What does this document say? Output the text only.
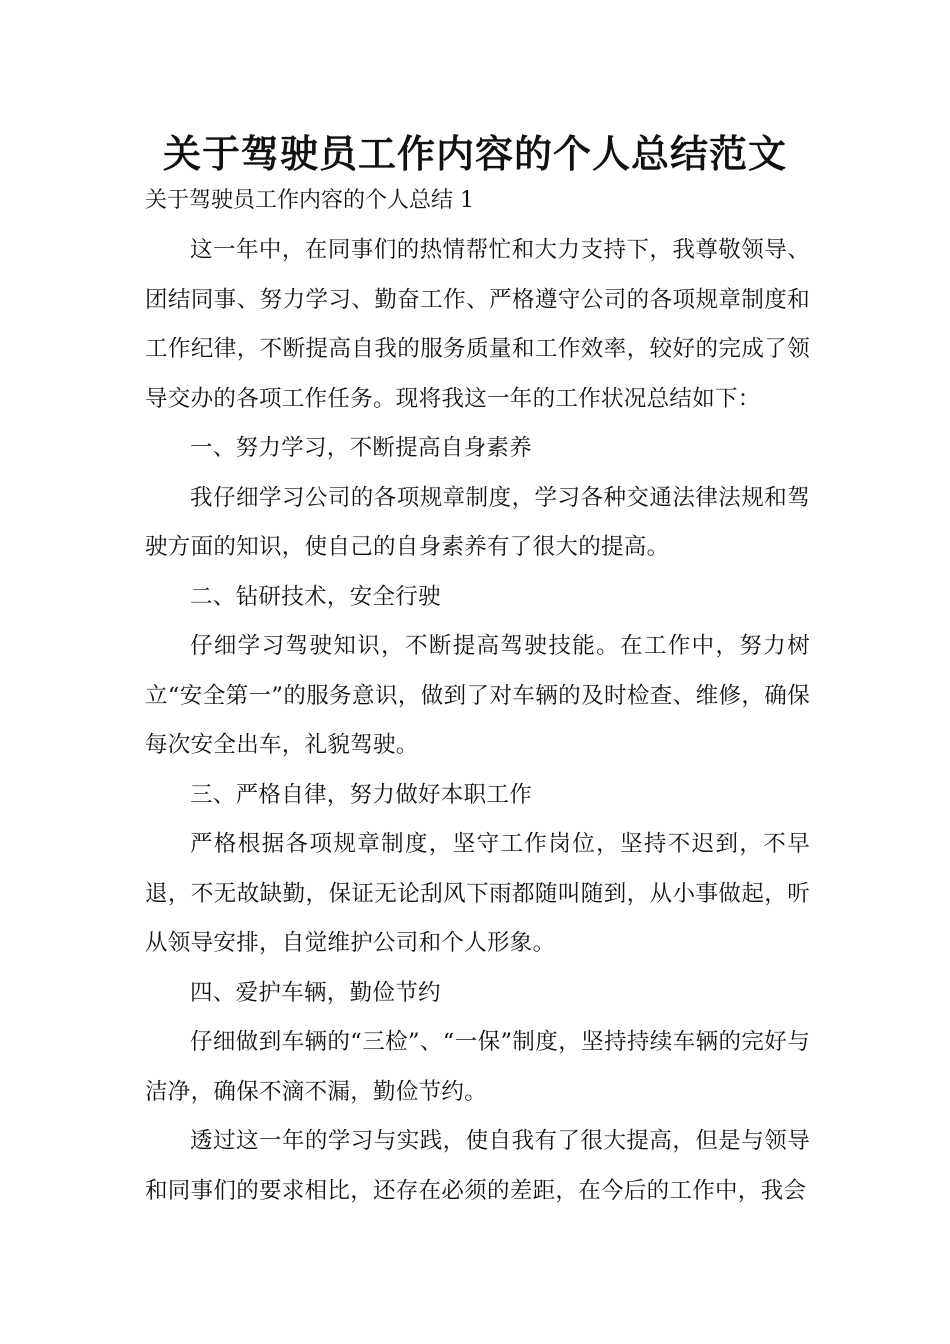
关于驾驶员工作内容的个人总结范文
关于驾驶员工作内容的个人总结 1

这一年中，在同事们的热情帮忙和大力支持下，我尊敬领导、团结同事、努力学习、勤奋工作、严格遵守公司的各项规章制度和工作纪律，不断提高自我的服务质量和工作效率，较好的完成了领导交办的各项工作任务。现将我这一年的工作状况总结如下：

一、努力学习，不断提高自身素养

我仔细学习公司的各项规章制度，学习各种交通法律法规和驾驶方面的知识，使自己的自身素养有了很大的提高。

二、钻研技术，安全行驶

仔细学习驾驶知识，不断提高驾驶技能。在工作中，努力树立“安全第一”的服务意识，做到了对车辆的及时检查、维修，确保每次安全出车，礼貌驾驶。

三、严格自律，努力做好本职工作

严格根据各项规章制度，坚守工作岗位，坚持不迟到，不早退，不无故缺勤，保证无论刮风下雨都随叫随到，从小事做起，听从领导安排，自觉维护公司和个人形象。

四、爱护车辆，勤俭节约

仔细做到车辆的“三检”、“一保”制度，坚持持续车辆的完好与洁净，确保不滴不漏，勤俭节约。

透过这一年的学习与实践，使自我有了很大提高，但是与领导和同事们的要求相比，还存在必须的差距，在今后的工作中，我会
